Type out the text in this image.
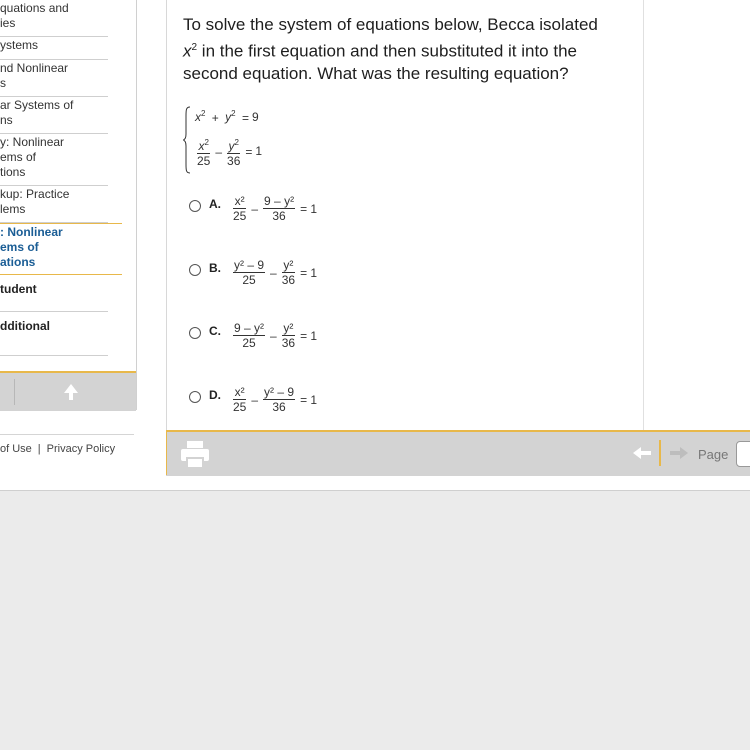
quations and
ies
ystems
nd Nonlinear
s
ar Systems of
ns
y: Nonlinear
ems of
tions
kup: Practice
lems
: Nonlinear
ems of
ations
tudent
dditional
of Use | Privacy Policy
To solve the system of equations below, Becca isolated
$x^2$ in the first equation and then substituted it into the
second equation. What was the resulting equation?
$x^2 + y^2 = 9$
$\frac{x^2}{25} - \frac{y^2}{36} = 1$
A. $\frac{\text{x²}}{25} - \frac{\text{9 – y²}}{36} = 1$
B. $\frac{\text{y² – 9}}{25} - \frac{\text{y²}}{36} = 1$
C. $\frac{\text{9 – y²}}{25} - \frac{\text{y²}}{36} = 1$
D. $\frac{\text{x²}}{25} - \frac{\text{y² – 9}}{36} = 1$
Page
